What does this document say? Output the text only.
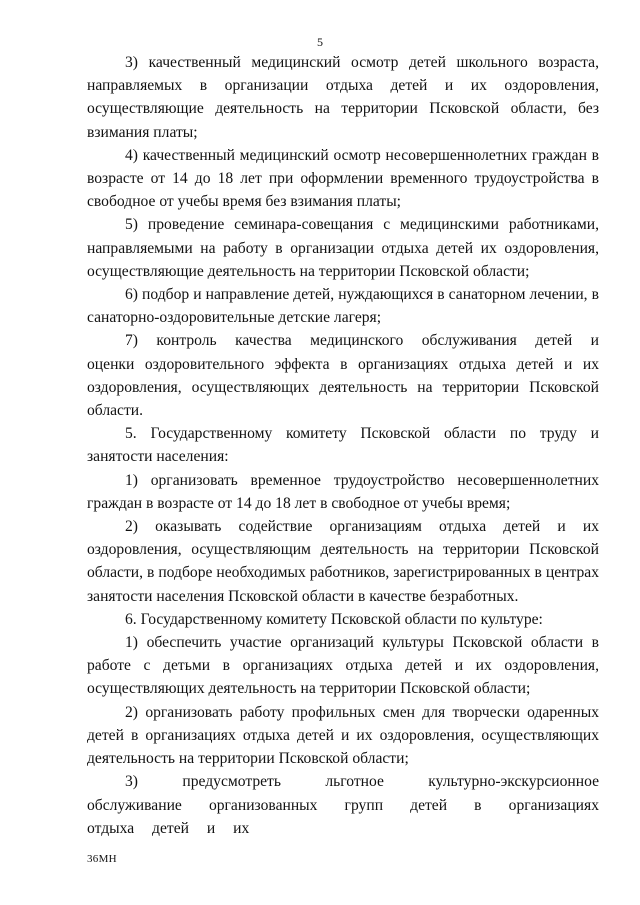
5

3) качественный медицинский осмотр детей школьного возраста, направляемых в организации отдыха детей и их оздоровления, осуществляющие деятельность на территории Псковской области, без взимания платы;

4) качественный медицинский осмотр несовершеннолетних граждан в возрасте от 14 до 18 лет при оформлении временного трудоустройства в свободное от учебы время без взимания платы;

5) проведение семинара-совещания с медицинскими работниками, направляемыми на работу в организации отдыха детей их оздоровления, осуществляющие деятельность на территории Псковской области;

6) подбор и направление детей, нуждающихся в санаторном лечении, в санаторно-оздоровительные детские лагеря;

7) контроль качества медицинского обслуживания детей и оценки оздоровительного эффекта в организациях отдыха детей и их оздоровления, осуществляющих деятельность на территории Псковской области.

5. Государственному комитету Псковской области по труду и занятости населения:

1) организовать временное трудоустройство несовершеннолетних граждан в возрасте от 14 до 18 лет в свободное от учебы время;

2) оказывать содействие организациям отдыха детей и их оздоровления, осуществляющим деятельность на территории Псковской области, в подборе необходимых работников, зарегистрированных в центрах занятости населения Псковской области в качестве безработных.

6. Государственному комитету Псковской области по культуре:

1) обеспечить участие организаций культуры Псковской области в работе с детьми в организациях отдыха детей и их оздоровления, осуществляющих деятельность на территории Псковской области;

2) организовать работу профильных смен для творчески одаренных детей в организациях отдыха детей и их оздоровления, осуществляющих деятельность на территории Псковской области;

3) предусмотреть льготное культурно-экскурсионное обслуживание организованных групп детей в организациях отдыха детей и их

36МН
